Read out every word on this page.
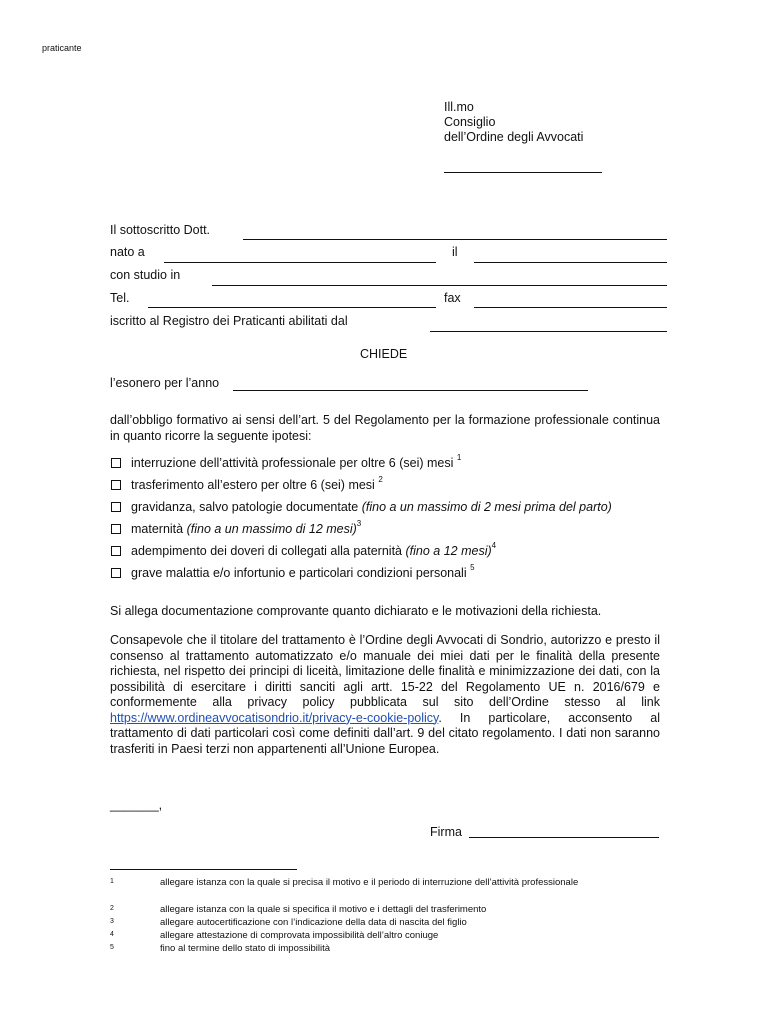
praticante
Ill.mo
Consiglio
dell’Ordine degli Avvocati
Il sottoscritto Dott.
nato a	il
con studio in
Tel.	fax
iscritto al Registro dei Praticanti abilitati dal
CHIEDE
l’esonero per l’anno
dall’obbligo formativo ai sensi dell’art. 5 del Regolamento per la formazione professionale continua in quanto ricorre la seguente ipotesi:
interruzione dell’attività professionale per oltre 6 (sei) mesi $^1$
trasferimento all’estero per oltre 6 (sei) mesi $^2$
gravidanza, salvo patologie documentate (fino a un massimo di 2 mesi prima del parto)
maternità (fino a un massimo di 12 mesi)$^3$
adempimento dei doveri di collegati alla paternità (fino a 12 mesi)$^4$
grave malattia e/o infortunio e particolari condizioni personali $^5$
Si allega documentazione comprovante quanto dichiarato e le motivazioni della richiesta.
Consapevole che il titolare del trattamento è l’Ordine degli Avvocati di Sondrio, autorizzo e presto il consenso al trattamento automatizzato e/o manuale dei miei dati per le finalità della presente richiesta, nel rispetto dei principi di liceità, limitazione delle finalità e minimizzazione dei dati, con la possibilità di esercitare i diritti sanciti agli artt. 15-22 del Regolamento UE n. 2016/679 e conformemente alla privacy policy pubblicata sul sito dell’Ordine stesso al link https://www.ordineavvocatisondrio.it/privacy-e-cookie-policy. In particolare, acconsento al trattamento di dati particolari così come definiti dall’art. 9 del citato regolamento. I dati non saranno trasferiti in Paesi terzi non appartenenti all’Unione Europea.
_______,
Firma
1	allegare istanza con la quale si precisa il motivo e il periodo di interruzione dell’attività professionale
2	allegare istanza con la quale si specifica il motivo e i dettagli del trasferimento
3	allegare autocertificazione con l’indicazione della data di nascita del figlio
4	allegare attestazione di comprovata impossibilità dell’altro coniuge
5	fino al termine dello stato di impossibilità
